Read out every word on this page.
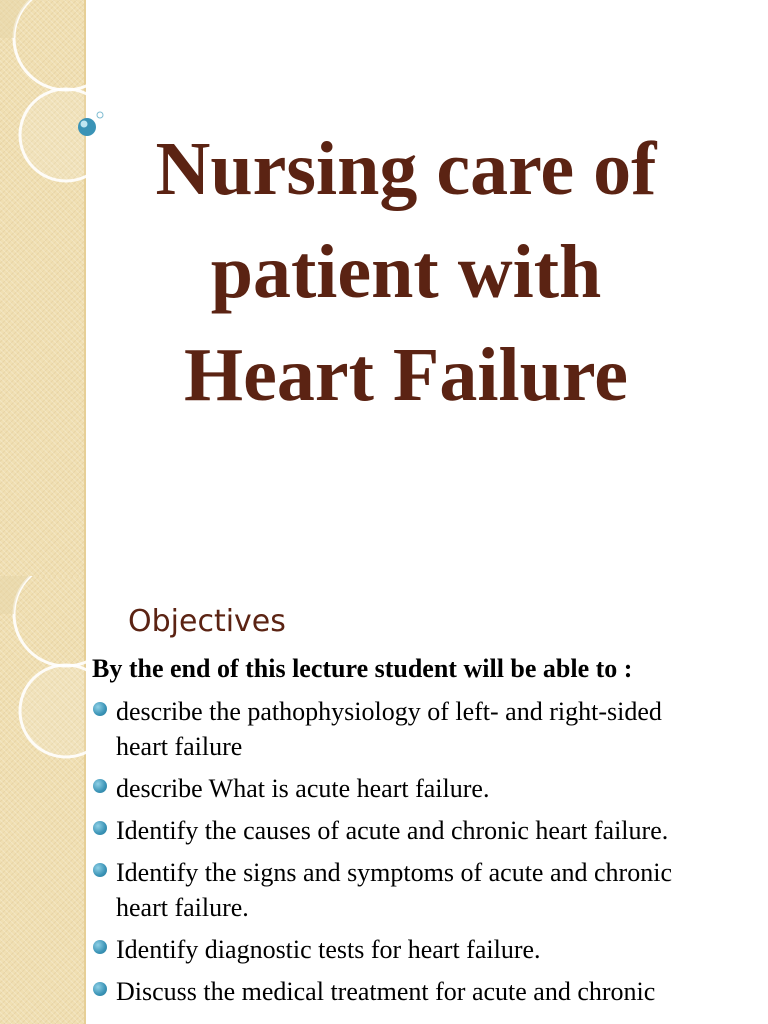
Nursing care of
patient with
Heart Failure
Objectives

By the end of this lecture student will be able to :

describe the pathophysiology of left- and right-sided heart failure
describe What is acute heart failure.
Identify the causes of acute and chronic heart failure.
Identify the signs and symptoms of acute and chronic heart failure.
Identify diagnostic tests for heart failure.
Discuss the medical treatment for acute and chronic
